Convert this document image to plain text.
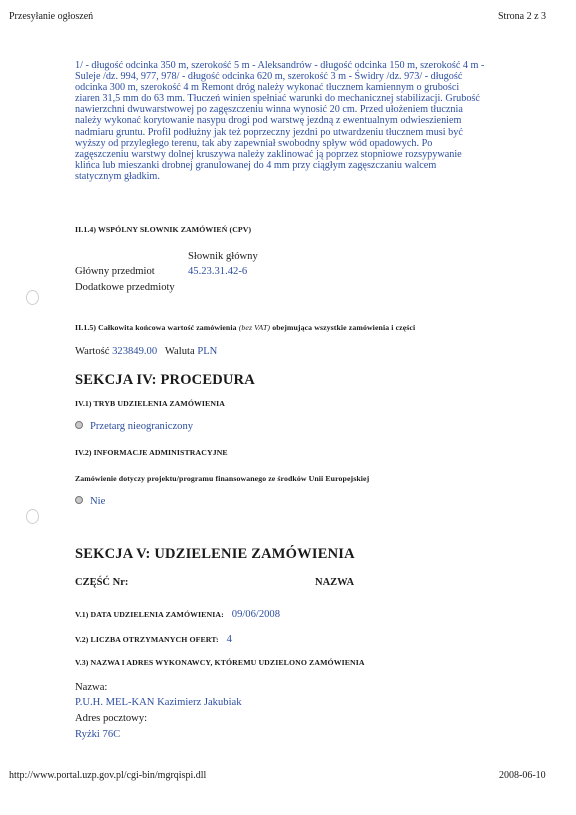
Przesyłanie ogłoszeń	Strona 2 z 3
1/ - długość odcinka 350 m, szerokość 5 m - Aleksandrów - długość odcinka 150 m, szerokość 4 m - Suleje /dz. 994, 977, 978/ - długość odcinka 620 m, szerokość 3 m - Świdry /dz. 973/ - długość odcinka 300 m, szerokość 4 m Remont dróg należy wykonać tłucznem kamiennym o grubości ziaren 31,5 mm do 63 mm. Tłuczeń winien spełniać warunki do mechanicznej stabilizacji. Grubość nawierzchni dwuwarstwowej po zagęszczeniu winna wynosić 20 cm. Przed ułożeniem tłucznia należy wykonać korytowanie nasypu drogi pod warstwę jezdną z ewentualnym odwieszieniem nadmiaru gruntu. Profil podłużny jak też poprzeczny jezdni po utwardzeniu tłucznem musi być wyższy od przyległego terenu, tak aby zapewniał swobodny spływ wód opadowych. Po zagęszczeniu warstwy dolnej kruszywa należy zaklinować ją poprzez stopniowe rozsypywanie klińca lub mieszanki drobnej granulowanej do 4 mm przy ciągłym zagęszczaniu walcem statycznym gładkim.
II.1.4) WSPÓLNY SŁOWNIK ZAMÓWIEŃ (CPV)
Słownik główny
Główny przedmiot	45.23.31.42-6
Dodatkowe przedmioty
II.1.5) Całkowita końcowa wartość zamówienia (bez VAT) obejmująca wszystkie zamówienia i części
Wartość 323849.00 Waluta PLN
SEKCJA IV: PROCEDURA
IV.1) TRYB UDZIELENIA ZAMÓWIENIA
Przetarg nieograniczony
IV.2) INFORMACJE ADMINISTRACYJNE
Zamówienie dotyczy projektu/programu finansowanego ze środków Unii Europejskiej
Nie
SEKCJA V: UDZIELENIE ZAMÓWIENIA
CZĘŚĆ Nr:	NAZWA
V.1) DATA UDZIELENIA ZAMÓWIENIA: 09/06/2008
V.2) LICZBA OTRZYMANYCH OFERT: 4
V.3) NAZWA I ADRES WYKONAWCY, KTÓREMU UDZIELONO ZAMÓWIENIA
Nazwa:
P.U.H. MEL-KAN Kazimierz Jakubiak
Adres pocztowy:
Ryżki 76C
http://www.portal.uzp.gov.pl/cgi-bin/mgrqispi.dll	2008-06-10
